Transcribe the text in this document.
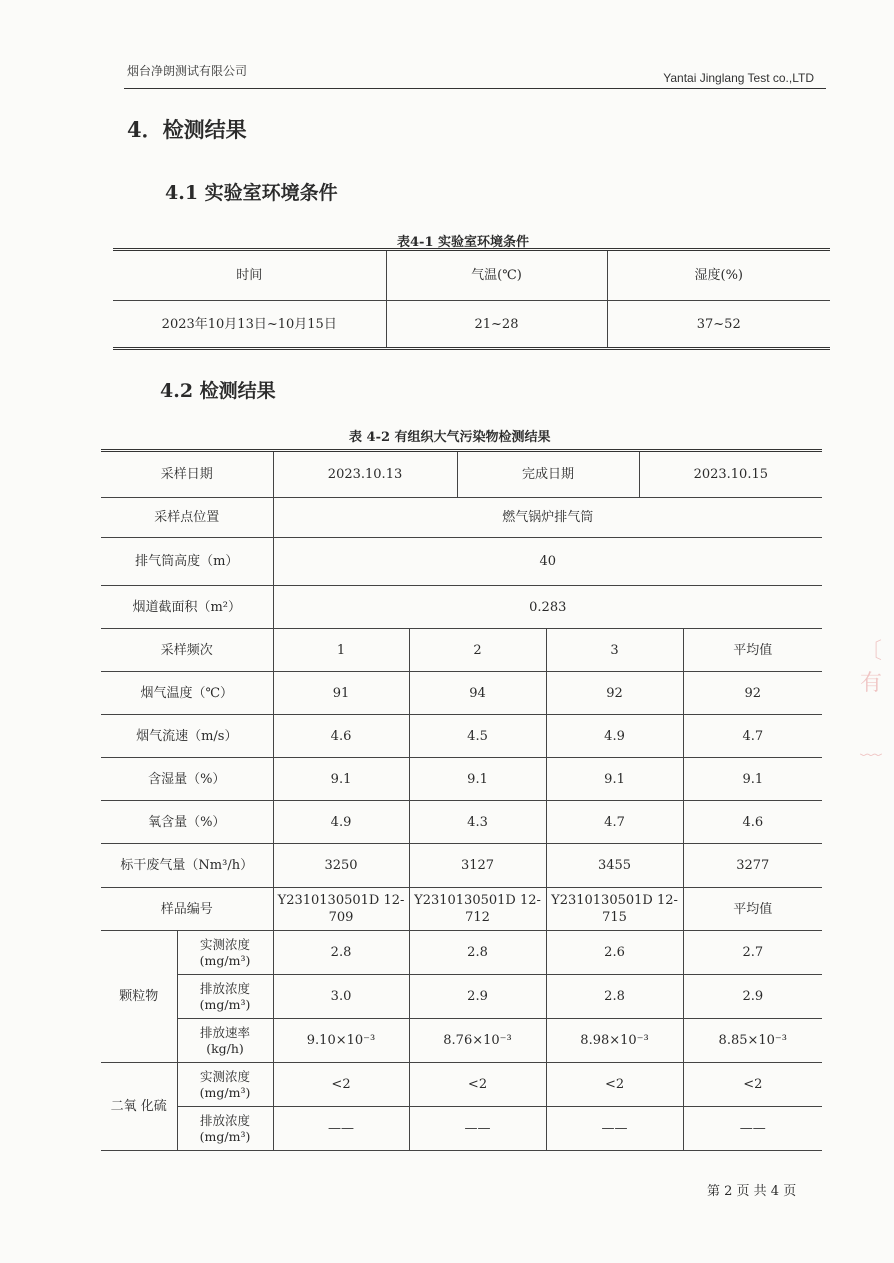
烟台净朗测试有限公司	Yantai Jinglang Test co.,LTD
4．检测结果
4.1 实验室环境条件
表4-1 实验室环境条件
时间	气温(℃)	湿度(%)
2023年10月13日~10月15日	21~28	37~52
4.2 检测结果
表 4-2 有组织大气污染物检测结果
采样日期		2023.10.13		完成日期		2023.10.15	
采样点位置		燃气锅炉排气筒					
排气筒高度（m）		40					
烟道截面积（m²）		0.283					
采样频次		1	2		3		平均值
烟气温度（℃）		91	94		92		92
烟气流速（m/s）		4.6	4.5		4.9		4.7
含湿量（%）		9.1	9.1		9.1		9.1
氧含量（%）		4.9	4.3		4.7		4.6
标干废气量（Nm³/h）		3250	3127		3455		3277
样品编号		Y2310130501D 12-709	Y2310130501D 12-712		Y2310130501D 12-715		平均值
颗粒物	实测浓度 (mg/m³)	2.8	2.8		2.6		2.7
	排放浓度 (mg/m³)	3.0	2.9		2.8		2.9
	排放速率 (kg/h)	9.10×10⁻³	8.76×10⁻³		8.98×10⁻³		8.85×10⁻³
二氧 化硫	实测浓度 (mg/m³)	<2	<2		<2		<2
	排放浓度 (mg/m³)	——	——		——		——
第 2 页 共 4 页
〔
有

﹏
